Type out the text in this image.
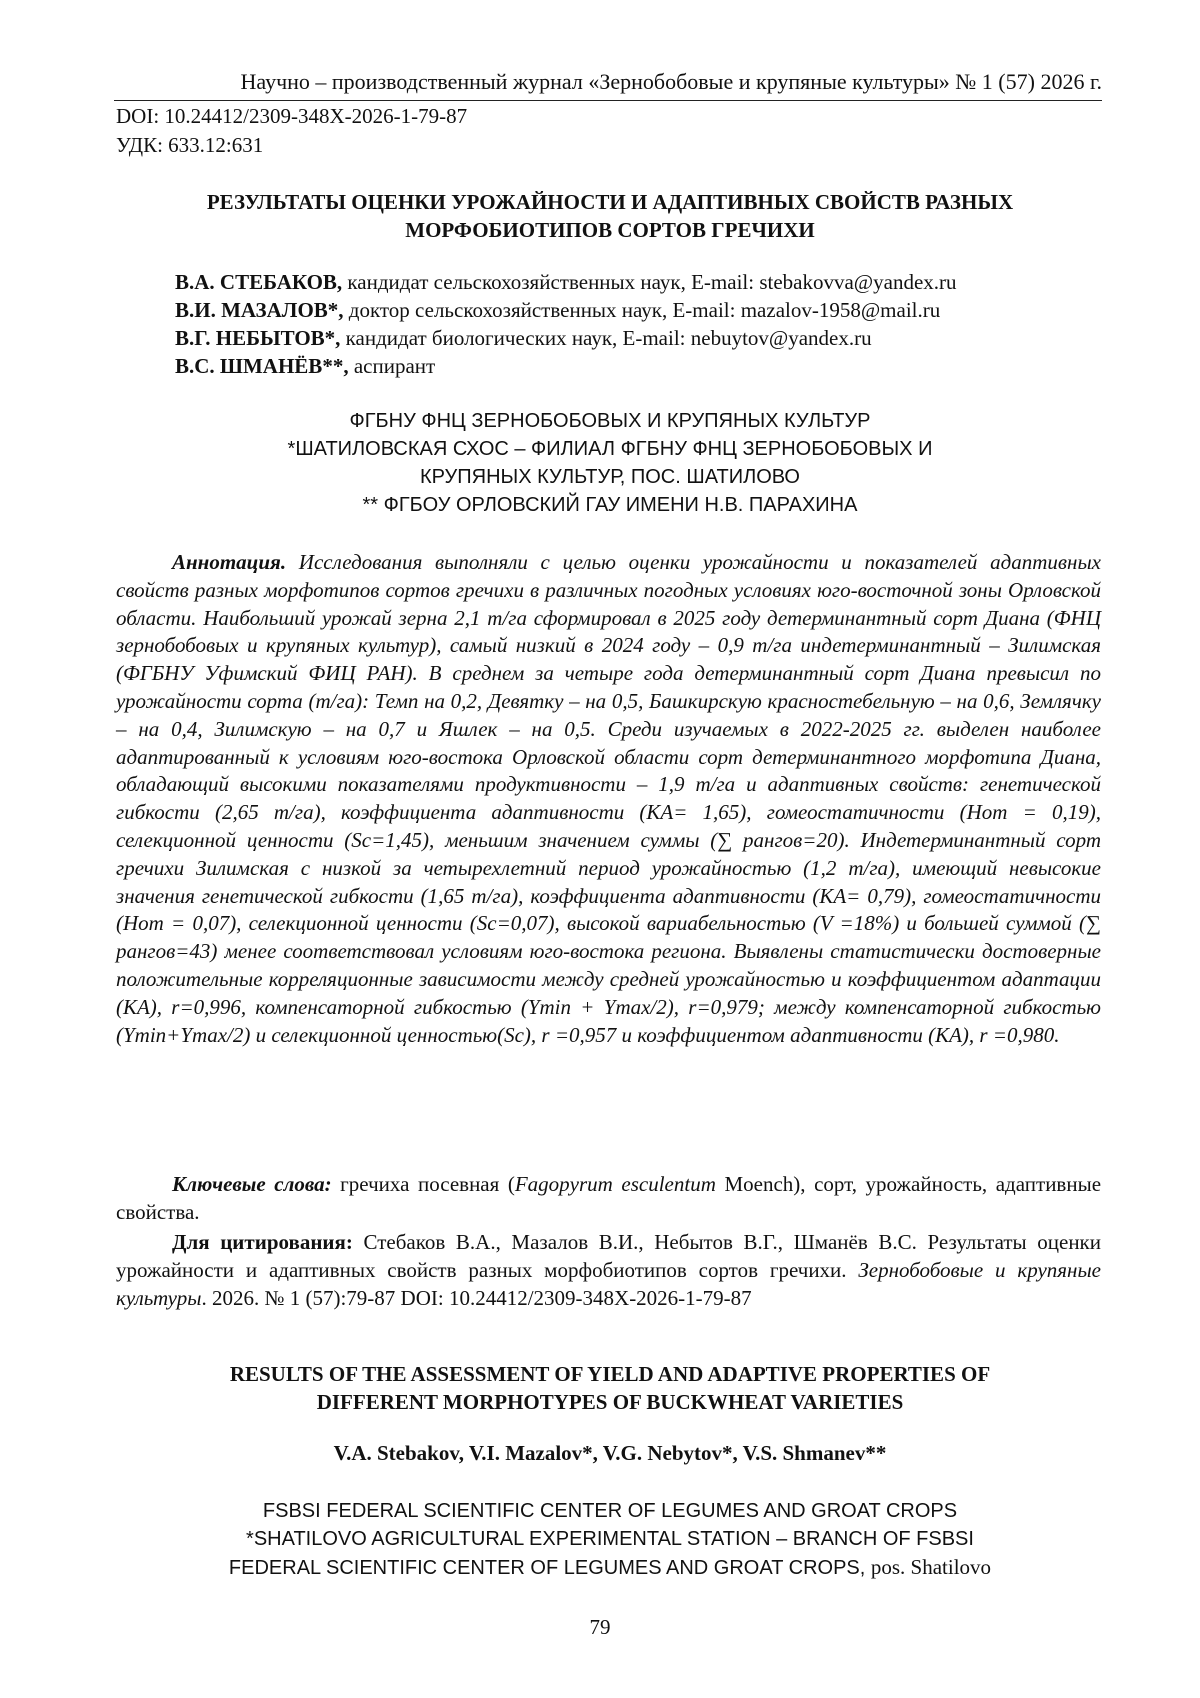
Научно – производственный журнал «Зернобобовые и крупяные культуры» № 1 (57) 2026 г.
DOI: 10.24412/2309-348X-2026-1-79-87
УДК: 633.12:631
РЕЗУЛЬТАТЫ ОЦЕНКИ УРОЖАЙНОСТИ И АДАПТИВНЫХ СВОЙСТВ РАЗНЫХ
МОРФОБИОТИПОВ СОРТОВ ГРЕЧИХИ
В.А. СТЕБАКОВ, кандидат сельскохозяйственных наук, E-mail: stebakovva@yandex.ru
В.И. МАЗАЛОВ*, доктор сельскохозяйственных наук, E-mail: mazalov-1958@mail.ru
В.Г. НЕБЫТОВ*, кандидат биологических наук, E-mail: nebuytov@yandex.ru
В.С. ШМАНЁВ**, аспирант
ФГБНУ ФНЦ ЗЕРНОБОБОВЫХ И КРУПЯНЫХ КУЛЬТУР
*ШАТИЛОВСКАЯ СХОС – ФИЛИАЛ ФГБНУ ФНЦ ЗЕРНОБОБОВЫХ И
КРУПЯНЫХ КУЛЬТУР, ПОС. ШАТИЛОВО
** ФГБОУ ОРЛОВСКИЙ ГАУ ИМЕНИ Н.В. ПАРАХИНА
Аннотация. Исследования выполняли с целью оценки урожайности и показателей адаптивных свойств разных морфотипов сортов гречихи в различных погодных условиях юго-восточной зоны Орловской области. Наибольший урожай зерна 2,1 т/га сформировал в 2025 году детерминантный сорт Диана (ФНЦ зернобобовых и крупяных культур), самый низкий в 2024 году – 0,9 т/га индетерминантный – Зилимская (ФГБНУ Уфимский ФИЦ РАН). В среднем за четыре года детерминантный сорт Диана превысил по урожайности сорта (т/га): Темп на 0,2, Девятку – на 0,5, Башкирскую красностебельную – на 0,6, Землячку – на 0,4, Зилимскую – на 0,7 и Яшлек – на 0,5. Среди изучаемых в 2022-2025 гг. выделен наиболее адаптированный к условиям юго-востока Орловской области сорт детерминантного морфотипа Диана, обладающий высокими показателями продуктивности – 1,9 т/га и адаптивных свойств: генетической гибкости (2,65 т/га), коэффициента адаптивности (КА= 1,65), гомеостатичности (Hom = 0,19), селекционной ценности (Sc=1,45), меньшим значением суммы (∑ рангов=20). Индетерминантный сорт гречихи Зилимская с низкой за четырехлетний период урожайностью (1,2 т/га), имеющий невысокие значения генетической гибкости (1,65 т/га), коэффициента адаптивности (КА= 0,79), гомеостатичности (Hom = 0,07), селекционной ценности (Sc=0,07), высокой вариабельностью (V =18%) и большей суммой (∑ рангов=43) менее соответствовал условиям юго-востока региона. Выявлены статистически достоверные положительные корреляционные зависимости между средней урожайностью и коэффициентом адаптации (КА), r=0,996, компенсаторной гибкостью (Ymin + Ymax/2), r=0,979; между компенсаторной гибкостью (Ymin+Ymax/2) и селекционной ценностью(Sc), r =0,957 и коэффициентом адаптивности (КА), r =0,980.
Ключевые слова: гречиха посевная (Fagopyrum esculentum Moench), сорт, урожайность, адаптивные свойства.
Для цитирования: Стебаков В.А., Мазалов В.И., Небытов В.Г., Шманёв В.С. Результаты оценки урожайности и адаптивных свойств разных морфобиотипов сортов гречихи. Зернобобовые и крупяные культуры. 2026. № 1 (57):79-87 DOI: 10.24412/2309-348X-2026-1-79-87
RESULTS OF THE ASSESSMENT OF YIELD AND ADAPTIVE PROPERTIES OF
DIFFERENT MORPHOTYPES OF BUCKWHEAT VARIETIES
V.A. Stebakov, V.I. Mazalov*, V.G. Nebytov*, V.S. Shmanev**
FSBSI FEDERAL SCIENTIFIC CENTER OF LEGUMES AND GROAT CROPS
*SHATILOVO AGRICULTURAL EXPERIMENTAL STATION – BRANCH OF FSBSI
FEDERAL SCIENTIFIC CENTER OF LEGUMES AND GROAT CROPS, pos. Shatilovo
79
